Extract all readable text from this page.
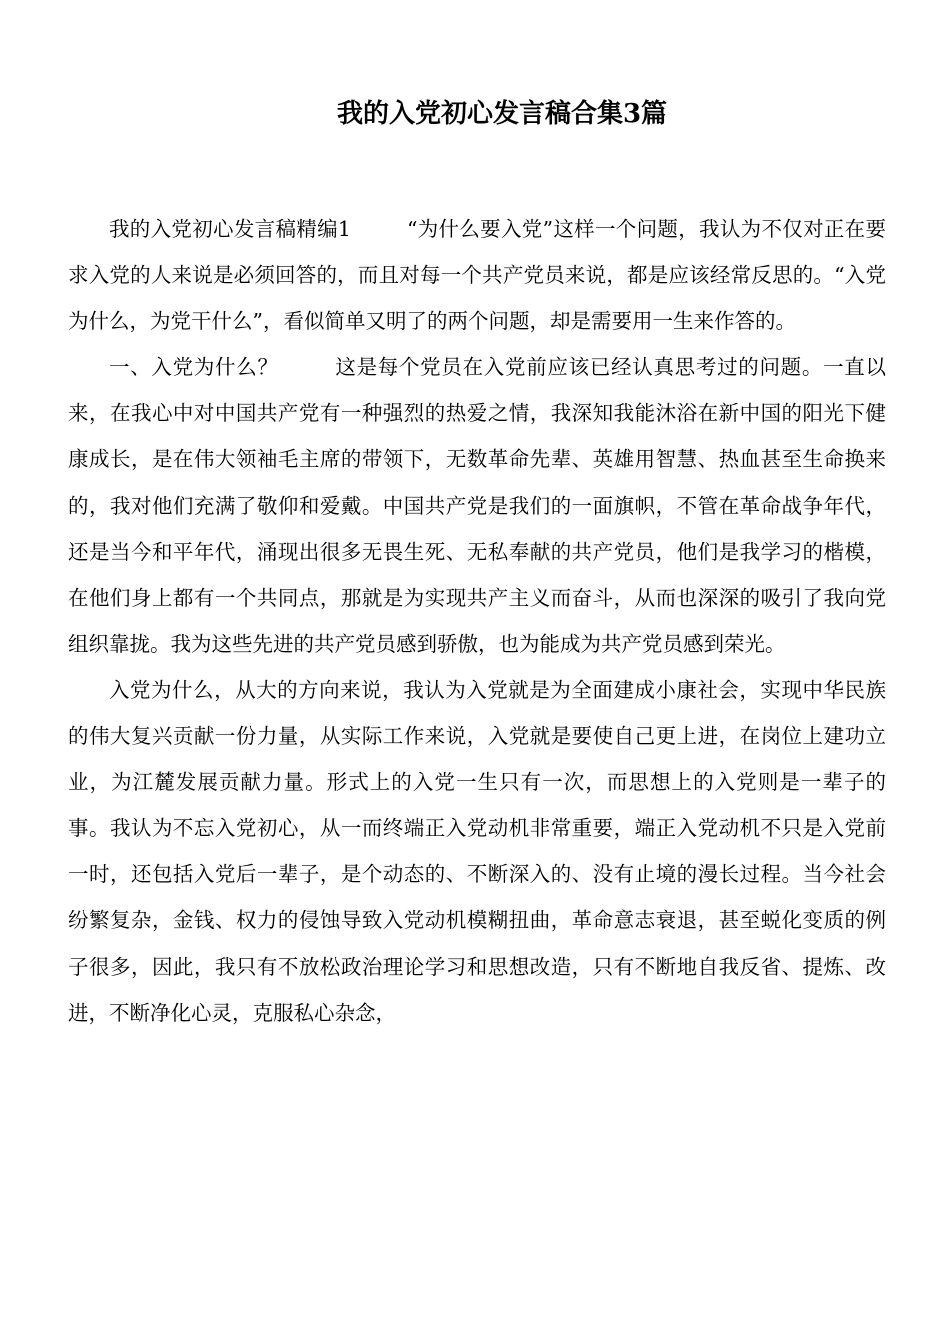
我的入党初心发言稿合集3篇

我的入党初心发言稿精编1	“为什么要入党”这样一个问题，我认为不仅对正在要求入党的人来说是必须回答的，而且对每一个共产党员来说，都是应该经常反思的。“入党为什么，为党干什么”，看似简单又明了的两个问题，却是需要用一生来作答的。

一、入党为什么？	这是每个党员在入党前应该已经认真思考过的问题。一直以来，在我心中对中国共产党有一种强烈的热爱之情，我深知我能沐浴在新中国的阳光下健康成长，是在伟大领袖毛主席的带领下，无数革命先辈、英雄用智慧、热血甚至生命换来的，我对他们充满了敬仰和爱戴。中国共产党是我们的一面旗帜，不管在革命战争年代，还是当今和平年代，涌现出很多无畏生死、无私奉献的共产党员，他们是我学习的楷模，在他们身上都有一个共同点，那就是为实现共产主义而奋斗，从而也深深的吸引了我向党组织靠拢。我为这些先进的共产党员感到骄傲，也为能成为共产党员感到荣光。

入党为什么，从大的方向来说，我认为入党就是为全面建成小康社会，实现中华民族的伟大复兴贡献一份力量，从实际工作来说，入党就是要使自己更上进，在岗位上建功立业，为江麓发展贡献力量。形式上的入党一生只有一次，而思想上的入党则是一辈子的事。我认为不忘入党初心，从一而终端正入党动机非常重要，端正入党动机不只是入党前一时，还包括入党后一辈子，是个动态的、不断深入的、没有止境的漫长过程。当今社会纷繁复杂，金钱、权力的侵蚀导致入党动机模糊扭曲，革命意志衰退，甚至蜕化变质的例子很多，因此，我只有不放松政治理论学习和思想改造，只有不断地自我反省、提炼、改进，不断净化心灵，克服私心杂念，
